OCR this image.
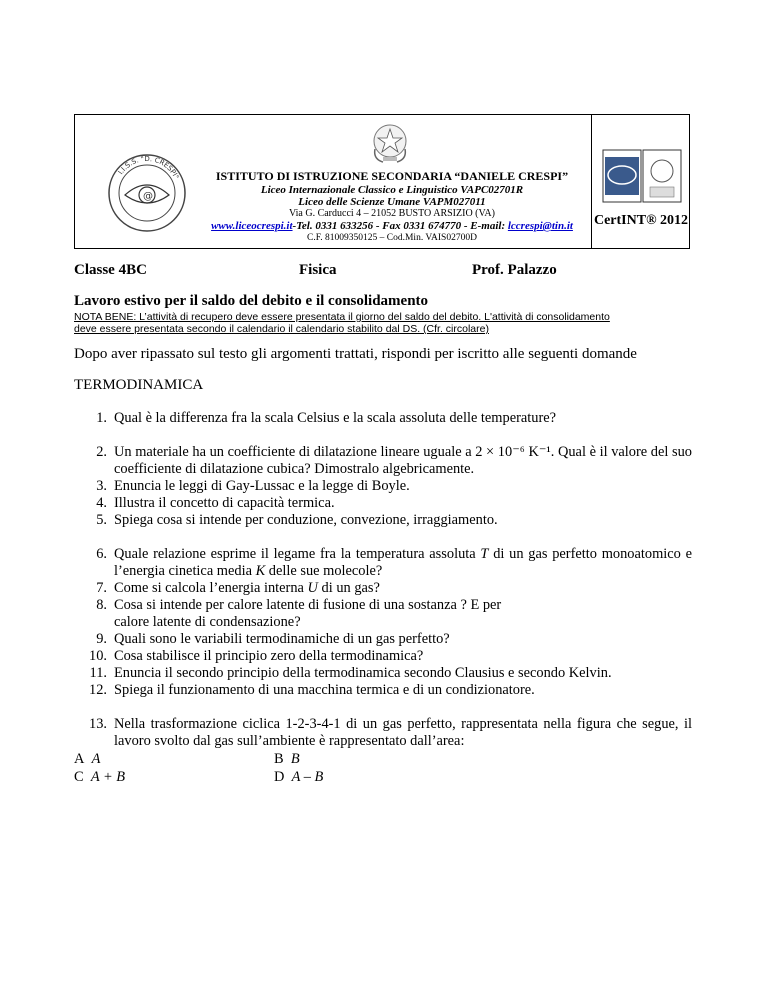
@
I.I.S.S. "D. CRESPI"	ISTITUTO DI ISTRUZIONE SECONDARIA “DANIELE CRESPI”
Liceo Internazionale Classico e Linguistico VAPC02701R
Liceo delle Scienze Umane VAPM027011
Via G. Carducci 4 – 21052 BUSTO ARSIZIO (VA)
www.liceocrespi.it-Tel. 0331 633256 - Fax 0331 674770 - E-mail: lccrespi@tin.it
C.F. 81009350125 – Cod.Min. VAIS02700D
CertINT® 2012
Classe 4BC	Fisica	Prof. Palazzo
Lavoro estivo per il saldo del debito e il consolidamento
NOTA BENE: L’attività di recupero deve essere presentata il giorno del saldo del debito. L'attività di consolidamento
deve essere presentata secondo il calendario il calendario stabilito dal DS. (Cfr. circolare)
Dopo aver ripassato sul testo gli argomenti trattati, rispondi per iscritto alle seguenti domande
TERMODINAMICA
1. Qual è la differenza fra la scala Celsius e la scala assoluta delle temperature?
2. Un materiale ha un coefficiente di dilatazione lineare uguale a 2 × 10⁻⁶ K⁻¹. Qual è il valore del suo coefficiente di dilatazione cubica? Dimostralo algebricamente.
3. Enuncia le leggi di Gay-Lussac e la legge di Boyle.
4. Illustra il concetto di capacità termica.
5. Spiega cosa si intende per conduzione, convezione, irraggiamento.
6. Quale relazione esprime il legame fra la temperatura assoluta T di un gas perfetto monoatomico e l’energia cinetica media K delle sue molecole?
7. Come si calcola l’energia interna U di un gas?
8. Cosa si intende per calore latente di fusione di una sostanza ? E per calore latente di condensazione?
9. Quali sono le variabili termodinamiche di un gas perfetto?
10. Cosa stabilisce il principio zero della termodinamica?
11. Enuncia il secondo principio della termodinamica secondo Clausius e secondo Kelvin.
12. Spiega il funzionamento di una macchina termica e di un condizionatore.
13. Nella trasformazione ciclica 1-2-3-4-1 di un gas perfetto, rappresentata nella figura che segue, il lavoro svolto dal gas sull’ambiente è rappresentato dall’area:
A A	B B
C A + B	D A – B
